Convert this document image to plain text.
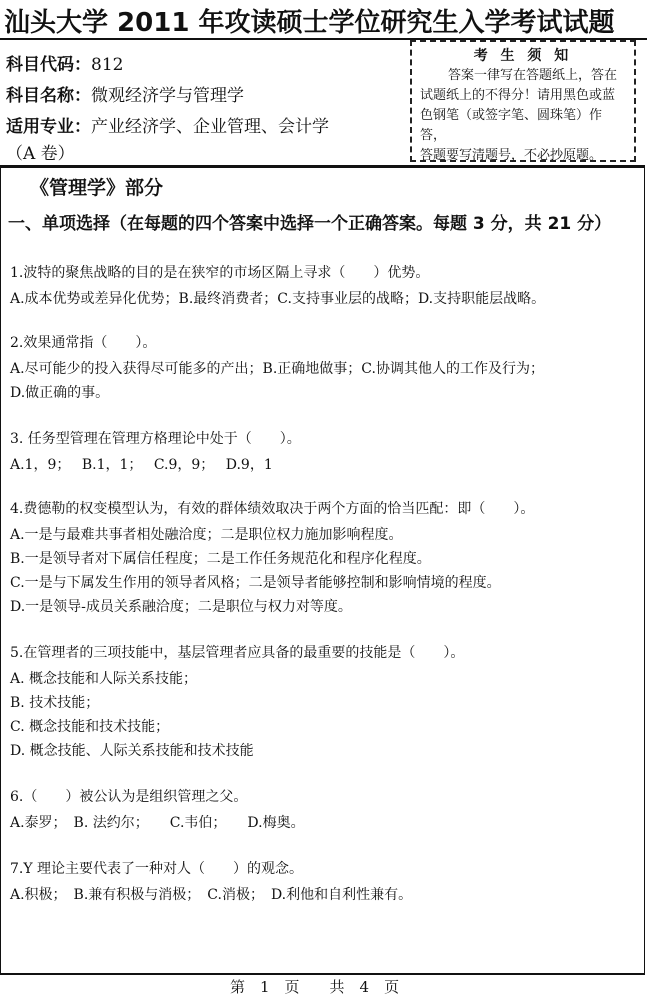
汕头大学 2011 年攻读硕士学位研究生入学考试试题
科目代码：812
科目名称：微观经济学与管理学
适用专业：产业经济学、企业管理、会计学
（A 卷）
考 生 须 知
答案一律写在答题纸上，答在
试题纸上的不得分！请用黑色或蓝
色钢笔（或签字笔、圆珠笔）作答，
答题要写清题号，不必抄原题。
《管理学》部分
一、单项选择（在每题的四个答案中选择一个正确答案。每题 3 分，共 21 分）
1.波特的聚焦战略的目的是在狭窄的市场区隔上寻求（　　）优势。
A.成本优势或差异化优势；B.最终消费者；C.支持事业层的战略；D.支持职能层战略。
2.效果通常指（　　）。
A.尽可能少的投入获得尽可能多的产出；B.正确地做事；C.协调其他人的工作及行为；
D.做正确的事。
3. 任务型管理在管理方格理论中处于（　　）。
A.1，9；　 B.1，1；　 C.9，9；　 D.9，1
4.费德勒的权变模型认为，有效的群体绩效取决于两个方面的恰当匹配：即（　　）。
A.一是与最难共事者相处融洽度；二是职位权力施加影响程度。
B.一是领导者对下属信任程度；二是工作任务规范化和程序化程度。
C.一是与下属发生作用的领导者风格；二是领导者能够控制和影响情境的程度。
D.一是领导-成员关系融洽度；二是职位与权力对等度。
5.在管理者的三项技能中，基层管理者应具备的最重要的技能是（　　）。
A. 概念技能和人际关系技能；
B. 技术技能；
C. 概念技能和技术技能；
D. 概念技能、人际关系技能和技术技能
6.（　　）被公认为是组织管理之父。
A.泰罗；　B. 法约尔；　　C.韦伯；　　D.梅奥。
7.Y 理论主要代表了一种对人（　　）的观念。
A.积极；　B.兼有积极与消极；　C.消极；　D.利他和自利性兼有。
第　1　页　　共　4　页
